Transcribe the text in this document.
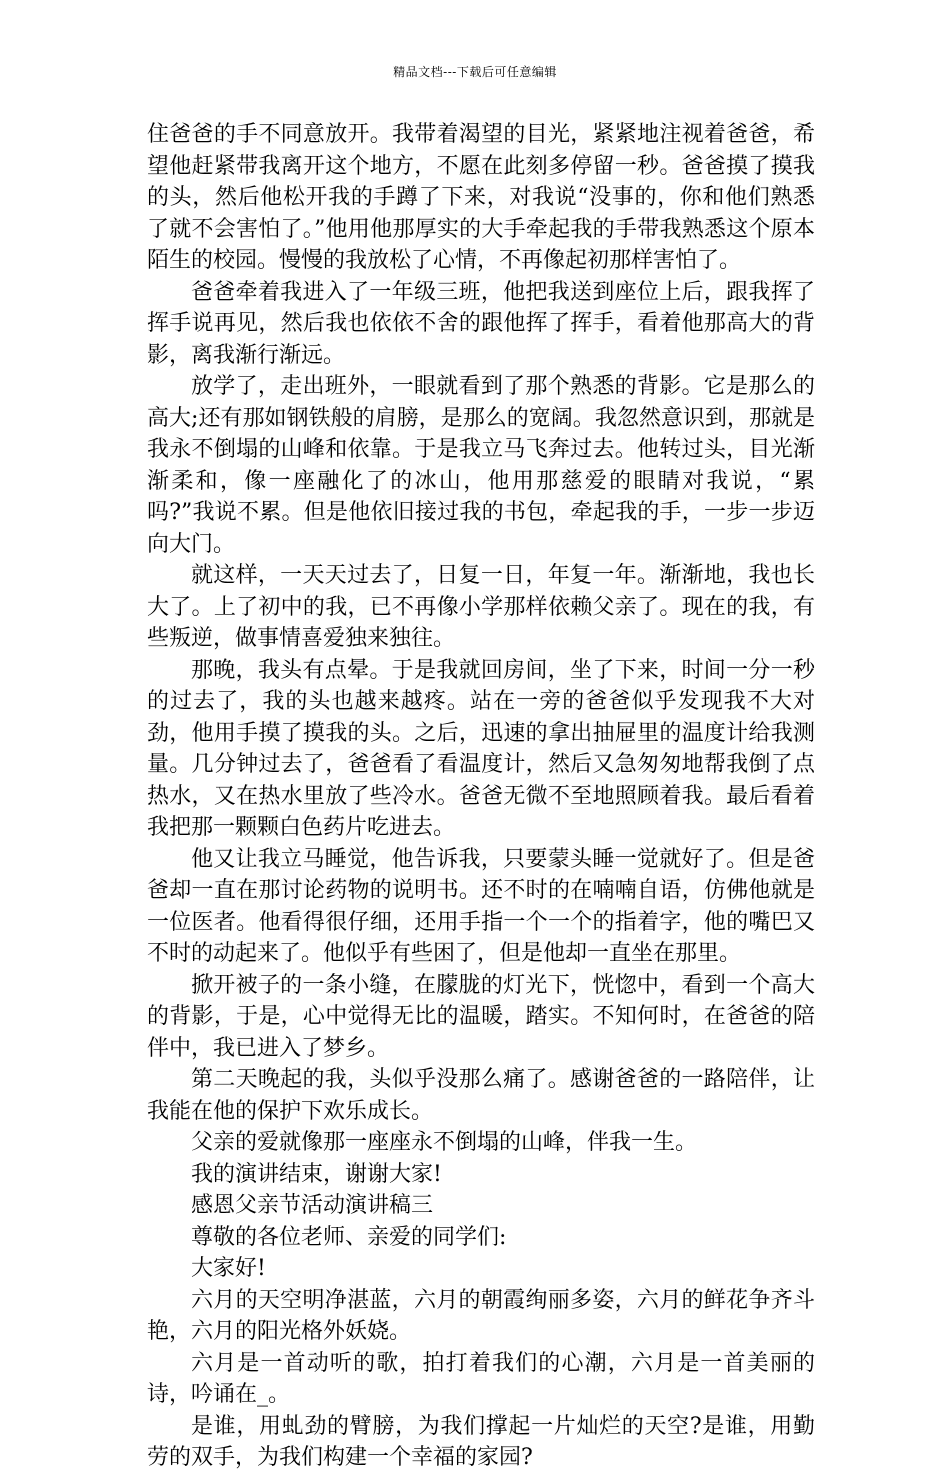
精品文档---下载后可任意编辑

住爸爸的手不同意放开。我带着渴望的目光，紧紧地注视着爸爸，希望他赶紧带我离开这个地方，不愿在此刻多停留一秒。爸爸摸了摸我的头，然后他松开我的手蹲了下来，对我说“没事的，你和他们熟悉了就不会害怕了。”他用他那厚实的大手牵起我的手带我熟悉这个原本陌生的校园。慢慢的我放松了心情，不再像起初那样害怕了。

爸爸牵着我进入了一年级三班，他把我送到座位上后，跟我挥了挥手说再见，然后我也依依不舍的跟他挥了挥手，看着他那高大的背影，离我渐行渐远。

放学了，走出班外，一眼就看到了那个熟悉的背影。它是那么的高大;还有那如钢铁般的肩膀，是那么的宽阔。我忽然意识到，那就是我永不倒塌的山峰和依靠。于是我立马飞奔过去。他转过头，目光渐渐柔和，像一座融化了的冰山，他用那慈爱的眼睛对我说，“累吗?”我说不累。但是他依旧接过我的书包，牵起我的手，一步一步迈向大门。

就这样，一天天过去了，日复一日，年复一年。渐渐地，我也长大了。上了初中的我，已不再像小学那样依赖父亲了。现在的我，有些叛逆，做事情喜爱独来独往。

那晚，我头有点晕。于是我就回房间，坐了下来，时间一分一秒的过去了，我的头也越来越疼。站在一旁的爸爸似乎发现我不大对劲，他用手摸了摸我的头。之后，迅速的拿出抽屉里的温度计给我测量。几分钟过去了，爸爸看了看温度计，然后又急匆匆地帮我倒了点热水，又在热水里放了些冷水。爸爸无微不至地照顾着我。最后看着我把那一颗颗白色药片吃进去。

他又让我立马睡觉，他告诉我，只要蒙头睡一觉就好了。但是爸爸却一直在那讨论药物的说明书。还不时的在喃喃自语，仿佛他就是一位医者。他看得很仔细，还用手指一个一个的指着字，他的嘴巴又不时的动起来了。他似乎有些困了，但是他却一直坐在那里。

掀开被子的一条小缝，在朦胧的灯光下，恍惚中，看到一个高大的背影，于是，心中觉得无比的温暖，踏实。不知何时，在爸爸的陪伴中，我已进入了梦乡。

第二天晚起的我，头似乎没那么痛了。感谢爸爸的一路陪伴，让我能在他的保护下欢乐成长。

父亲的爱就像那一座座永不倒塌的山峰，伴我一生。

我的演讲结束，谢谢大家!

感恩父亲节活动演讲稿三

尊敬的各位老师、亲爱的同学们:

大家好!

六月的天空明净湛蓝，六月的朝霞绚丽多姿，六月的鲜花争齐斗艳，六月的阳光格外妖娆。

六月是一首动听的歌，拍打着我们的心潮，六月是一首美丽的诗，吟诵在_。

是谁，用虬劲的臂膀，为我们撑起一片灿烂的天空?是谁，用勤劳的双手，为我们构建一个幸福的家园?
